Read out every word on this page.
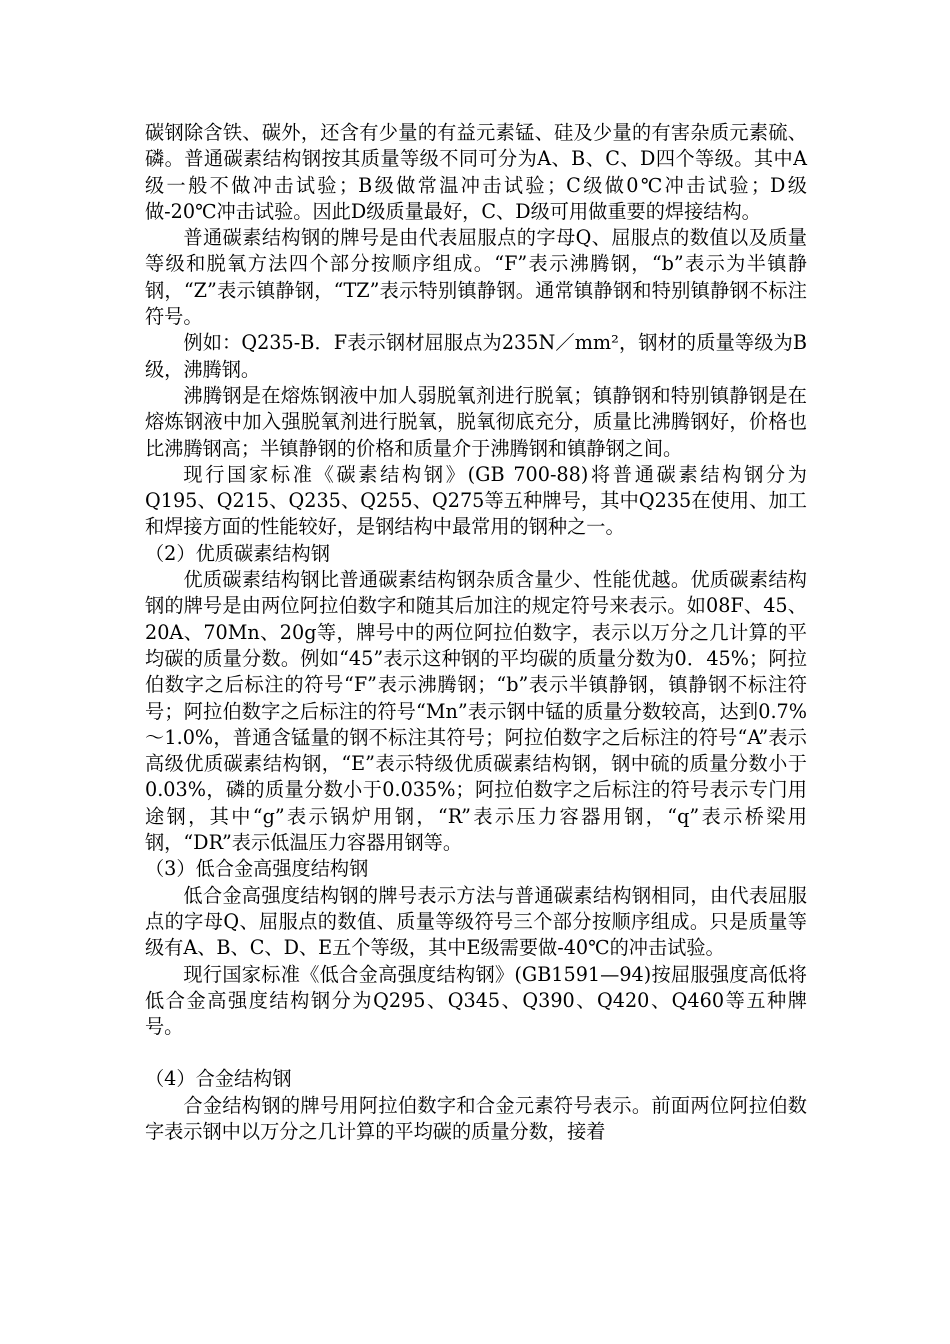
碳钢除含铁、碳外，还含有少量的有益元素锰、硅及少量的有害杂质元素硫、磷。普通碳素结构钢按其质量等级不同可分为A、B、C、D四个等级。其中A级一般不做冲击试验；B级做常温冲击试验；C级做0℃冲击试验；D级做-20℃冲击试验。因此D级质量最好，C、D级可用做重要的焊接结构。

普通碳素结构钢的牌号是由代表屈服点的字母Q、屈服点的数值以及质量等级和脱氧方法四个部分按顺序组成。“F”表示沸腾钢，“b”表示为半镇静钢，“Z”表示镇静钢，“TZ”表示特别镇静钢。通常镇静钢和特别镇静钢不标注符号。

例如：Q235-B．F表示钢材屈服点为235N／mm²，钢材的质量等级为B级，沸腾钢。

沸腾钢是在熔炼钢液中加人弱脱氧剂进行脱氧；镇静钢和特别镇静钢是在熔炼钢液中加入强脱氧剂进行脱氧，脱氧彻底充分，质量比沸腾钢好，价格也比沸腾钢高；半镇静钢的价格和质量介于沸腾钢和镇静钢之间。

现行国家标准《碳素结构钢》(GB 700-88)将普通碳素结构钢分为Q195、Q215、Q235、Q255、Q275等五种牌号，其中Q235在使用、加工和焊接方面的性能较好，是钢结构中最常用的钢种之一。

（2）优质碳素结构钢

优质碳素结构钢比普通碳素结构钢杂质含量少、性能优越。优质碳素结构钢的牌号是由两位阿拉伯数字和随其后加注的规定符号来表示。如08F、45、20A、70Mn、20g等，牌号中的两位阿拉伯数字，表示以万分之几计算的平均碳的质量分数。例如“45”表示这种钢的平均碳的质量分数为0．45%；阿拉伯数字之后标注的符号“F”表示沸腾钢；“b”表示半镇静钢，镇静钢不标注符号；阿拉伯数字之后标注的符号“Mn”表示钢中锰的质量分数较高，达到0.7%～1.0%，普通含锰量的钢不标注其符号；阿拉伯数字之后标注的符号“A”表示高级优质碳素结构钢，“E”表示特级优质碳素结构钢，钢中硫的质量分数小于0.03%，磷的质量分数小于0.035%；阿拉伯数字之后标注的符号表示专门用途钢，其中“g”表示锅炉用钢，“R”表示压力容器用钢，“q”表示桥梁用钢，“DR”表示低温压力容器用钢等。

（3）低合金高强度结构钢

低合金高强度结构钢的牌号表示方法与普通碳素结构钢相同，由代表屈服点的字母Q、屈服点的数值、质量等级符号三个部分按顺序组成。只是质量等级有A、B、C、D、E五个等级，其中E级需要做-40℃的冲击试验。

现行国家标准《低合金高强度结构钢》(GB1591—94)按屈服强度高低将低合金高强度结构钢分为Q295、Q345、Q390、Q420、Q460等五种牌号。

（4）合金结构钢

合金结构钢的牌号用阿拉伯数字和合金元素符号表示。前面两位阿拉伯数字表示钢中以万分之几计算的平均碳的质量分数，接着
